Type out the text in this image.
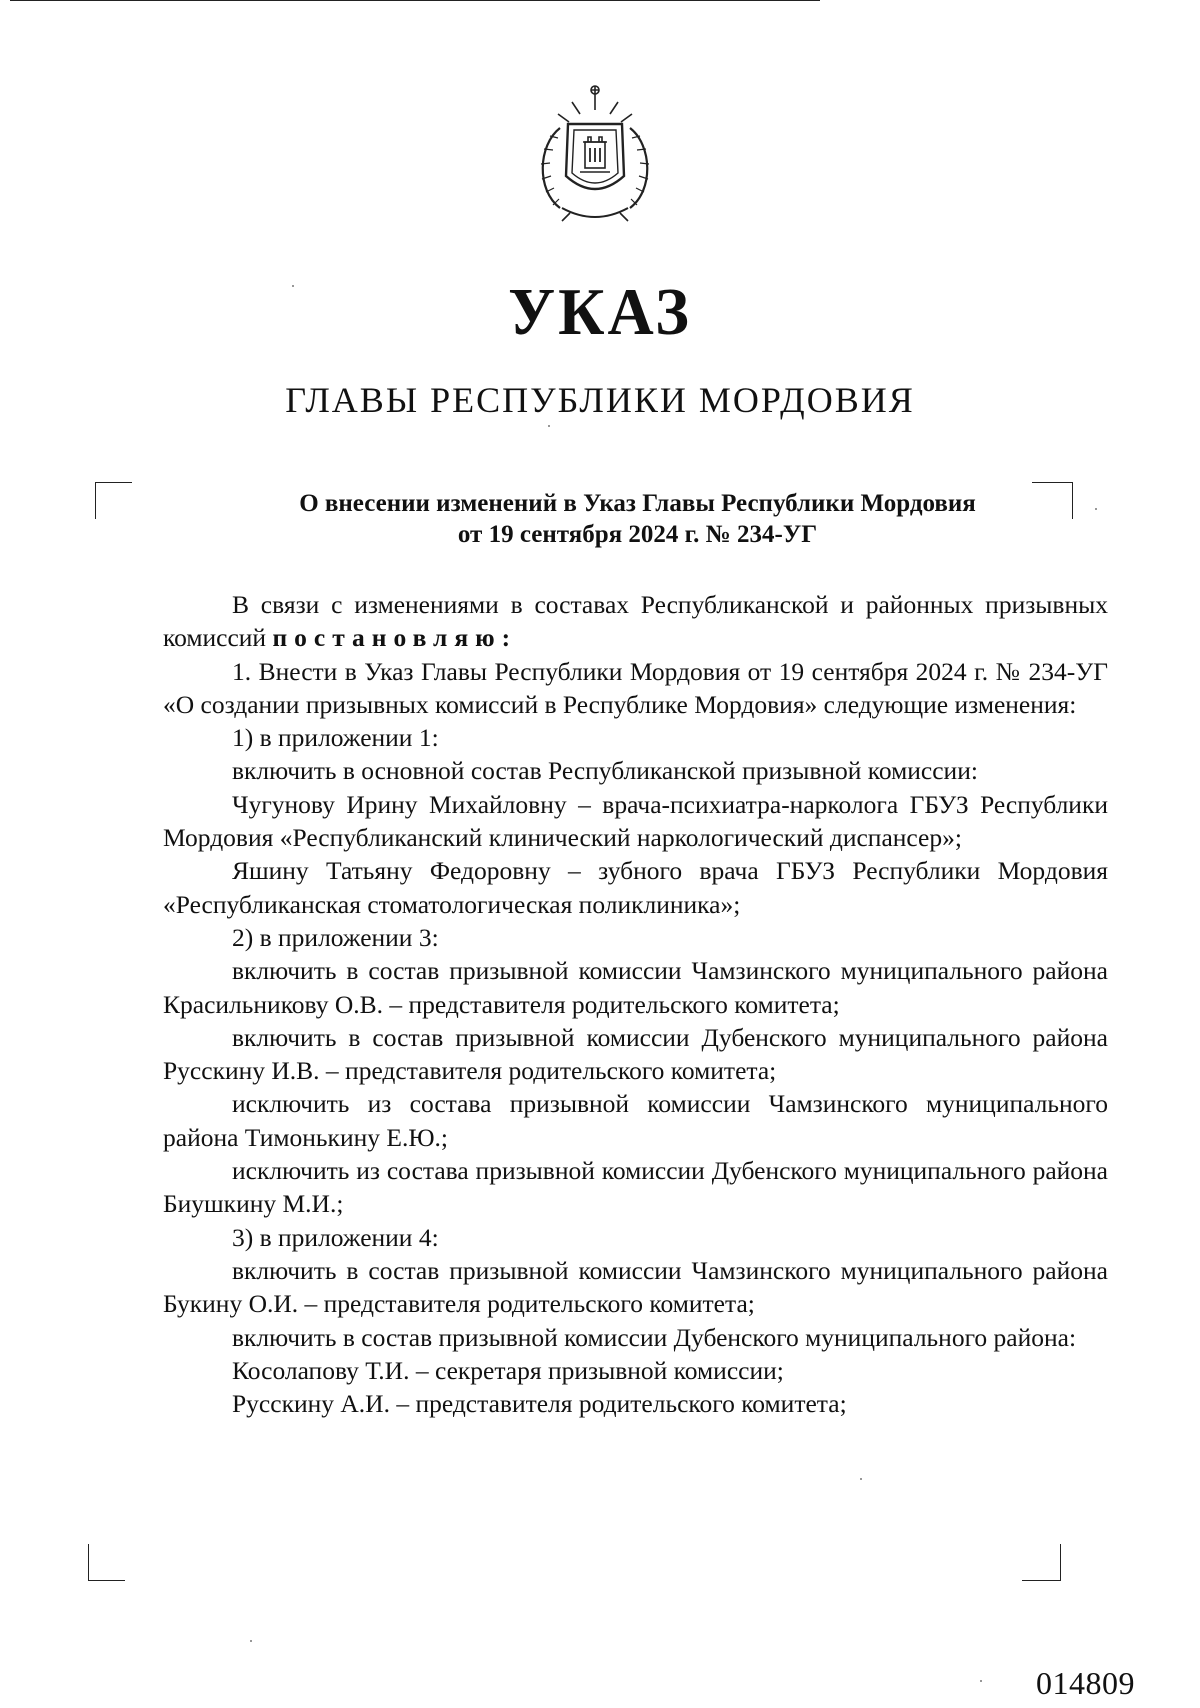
УКАЗ
ГЛАВЫ РЕСПУБЛИКИ МОРДОВИЯ
О внесении изменений в Указ Главы Республики Мордовия
от 19 сентября 2024 г. № 234-УГ

В связи с изменениями в составах Республиканской и районных призывных комиссий постановляю:

1. Внести в Указ Главы Республики Мордовия от 19 сентября 2024 г. № 234-УГ «О создании призывных комиссий в Республике Мордовия» следующие изменения:

1) в приложении 1:

включить в основной состав Республиканской призывной комиссии:

Чугунову Ирину Михайловну – врача-психиатра-нарколога ГБУЗ Республики Мордовия «Республиканский клинический наркологический диспансер»;

Яшину Татьяну Федоровну – зубного врача ГБУЗ Республики Мордовия «Республиканская стоматологическая поликлиника»;

2) в приложении 3:

включить в состав призывной комиссии Чамзинского муниципального района Красильникову О.В. – представителя родительского комитета;

включить в состав призывной комиссии Дубенского муниципального района Русскину И.В. – представителя родительского комитета;

исключить из состава призывной комиссии Чамзинского муниципального района Тимонькину Е.Ю.;

исключить из состава призывной комиссии Дубенского муниципального района Биушкину М.И.;

3) в приложении 4:

включить в состав призывной комиссии Чамзинского муниципального района Букину О.И. – представителя родительского комитета;

включить в состав призывной комиссии Дубенского муниципального района:

Косолапову Т.И. – секретаря призывной комиссии;

Русскину А.И. – представителя родительского комитета;

014809
